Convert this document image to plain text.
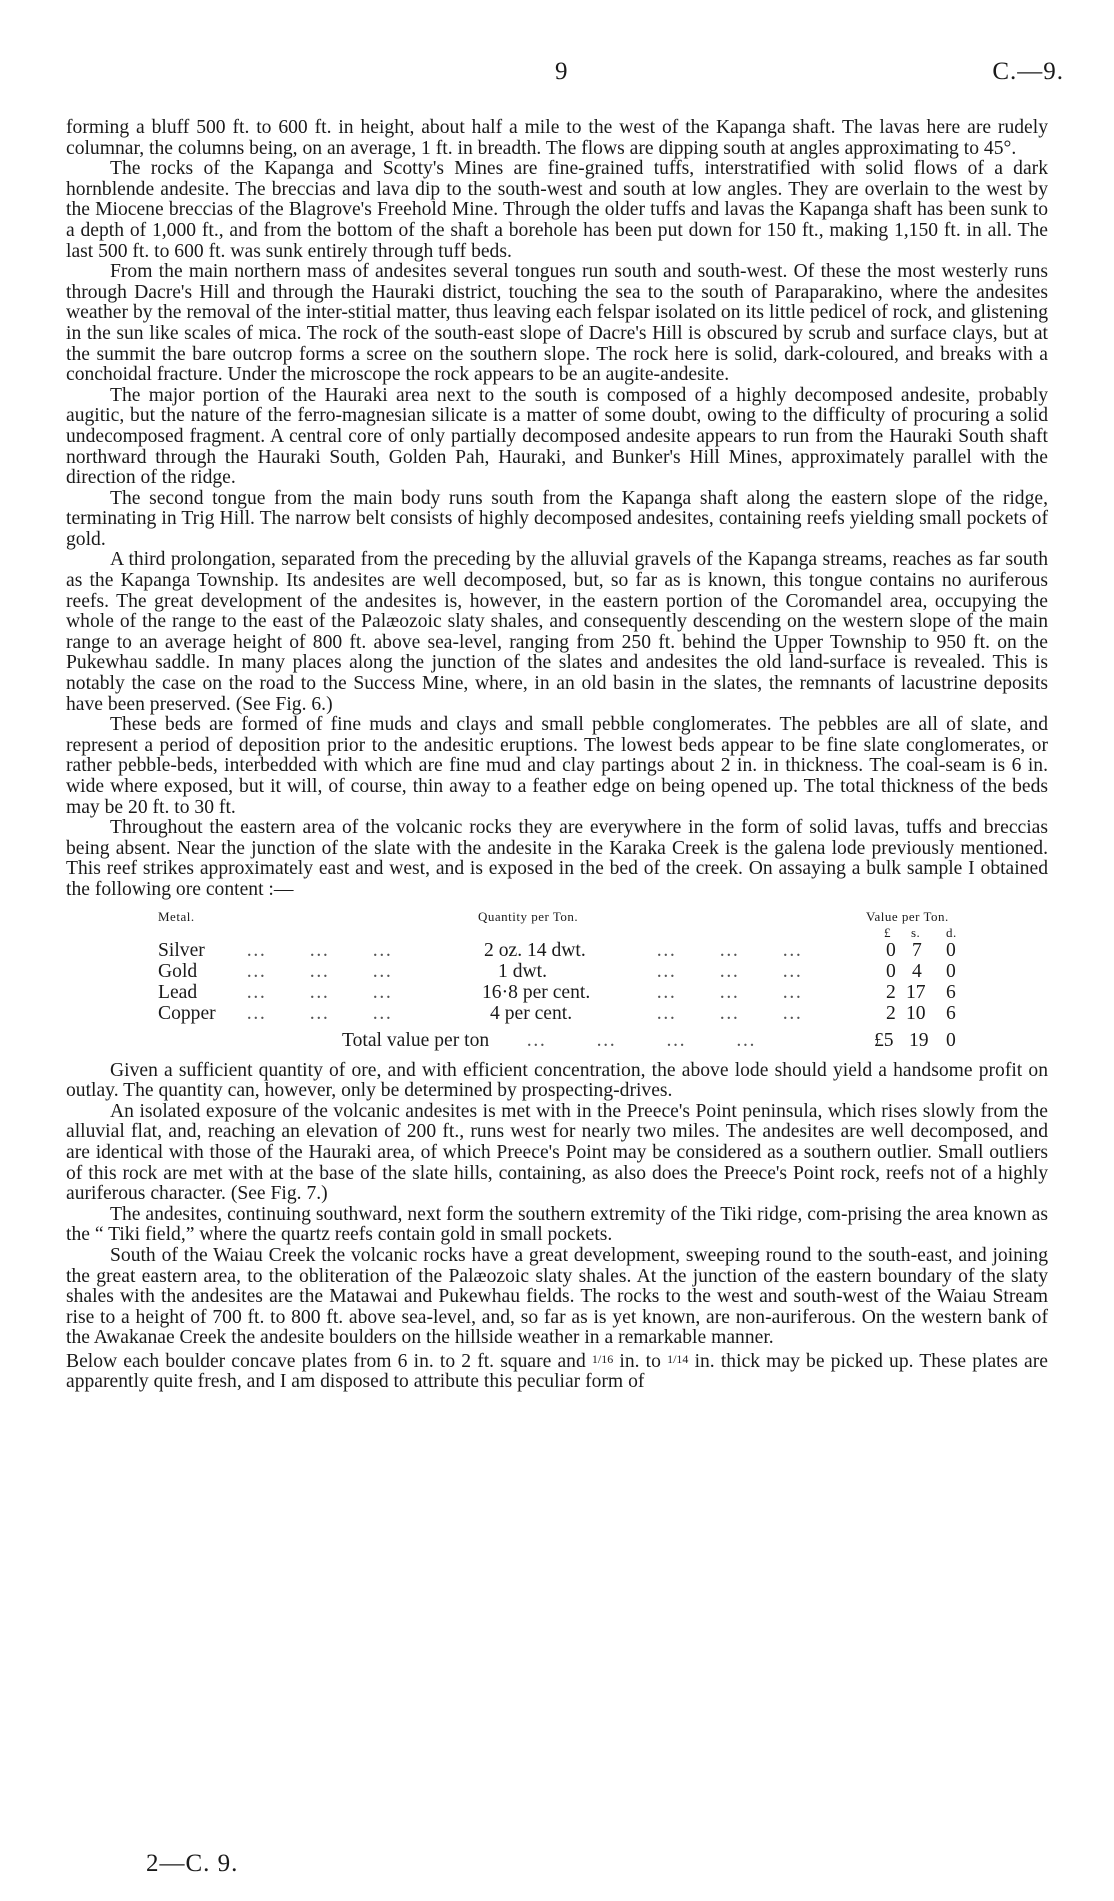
9	C.—9.

forming a bluff 500 ft. to 600 ft. in height, about half a mile to the west of the Kapanga shaft. The lavas here are rudely columnar, the columns being, on an average, 1 ft. in breadth. The flows are dipping south at angles approximating to 45°.

The rocks of the Kapanga and Scotty's Mines are fine-grained tuffs, interstratified with solid flows of a dark hornblende andesite. The breccias and lava dip to the south-west and south at low angles. They are overlain to the west by the Miocene breccias of the Blagrove's Freehold Mine. Through the older tuffs and lavas the Kapanga shaft has been sunk to a depth of 1,000 ft., and from the bottom of the shaft a borehole has been put down for 150 ft., making 1,150 ft. in all. The last 500 ft. to 600 ft. was sunk entirely through tuff beds.

From the main northern mass of andesites several tongues run south and south-west. Of these the most westerly runs through Dacre's Hill and through the Hauraki district, touching the sea to the south of Paraparakino, where the andesites weather by the removal of the inter-stitial matter, thus leaving each felspar isolated on its little pedicel of rock, and glistening in the sun like scales of mica. The rock of the south-east slope of Dacre's Hill is obscured by scrub and surface clays, but at the summit the bare outcrop forms a scree on the southern slope. The rock here is solid, dark-coloured, and breaks with a conchoidal fracture. Under the microscope the rock appears to be an augite-andesite.

The major portion of the Hauraki area next to the south is composed of a highly decomposed andesite, probably augitic, but the nature of the ferro-magnesian silicate is a matter of some doubt, owing to the difficulty of procuring a solid undecomposed fragment. A central core of only partially decomposed andesite appears to run from the Hauraki South shaft northward through the Hauraki South, Golden Pah, Hauraki, and Bunker's Hill Mines, approximately parallel with the direction of the ridge.

The second tongue from the main body runs south from the Kapanga shaft along the eastern slope of the ridge, terminating in Trig Hill. The narrow belt consists of highly decomposed andesites, containing reefs yielding small pockets of gold.

A third prolongation, separated from the preceding by the alluvial gravels of the Kapanga streams, reaches as far south as the Kapanga Township. Its andesites are well decomposed, but, so far as is known, this tongue contains no auriferous reefs. The great development of the andesites is, however, in the eastern portion of the Coromandel area, occupying the whole of the range to the east of the Palæozoic slaty shales, and consequently descending on the western slope of the main range to an average height of 800 ft. above sea-level, ranging from 250 ft. behind the Upper Township to 950 ft. on the Pukewhau saddle. In many places along the junction of the slates and andesites the old land-surface is revealed. This is notably the case on the road to the Success Mine, where, in an old basin in the slates, the remnants of lacustrine deposits have been preserved. (See Fig. 6.)

These beds are formed of fine muds and clays and small pebble conglomerates. The pebbles are all of slate, and represent a period of deposition prior to the andesitic eruptions. The lowest beds appear to be fine slate conglomerates, or rather pebble-beds, interbedded with which are fine mud and clay partings about 2 in. in thickness. The coal-seam is 6 in. wide where exposed, but it will, of course, thin away to a feather edge on being opened up. The total thickness of the beds may be 20 ft. to 30 ft.

Throughout the eastern area of the volcanic rocks they are everywhere in the form of solid lavas, tuffs and breccias being absent. Near the junction of the slate with the andesite in the Karaka Creek is the galena lode previously mentioned. This reef strikes approximately east and west, and is exposed in the bed of the creek. On assaying a bulk sample I obtained the following ore content :—

Metal.	Quantity per Ton.	Value per Ton.
£ s. d.
Silver …      …      …	2 oz. 14 dwt.	…      …      …	0 7 0
Gold …      …      …	1 dwt.	…      …      …	0 4 0
Lead …      …      …	16·8 per cent.	…      …      …	2 17 6
Copper …      …      …	4 per cent.	…      …      …	2 10 6
Total value per ton …       …       …       …	£5 19 0

Given a sufficient quantity of ore, and with efficient concentration, the above lode should yield a handsome profit on outlay. The quantity can, however, only be determined by prospecting-drives.

An isolated exposure of the volcanic andesites is met with in the Preece's Point peninsula, which rises slowly from the alluvial flat, and, reaching an elevation of 200 ft., runs west for nearly two miles. The andesites are well decomposed, and are identical with those of the Hauraki area, of which Preece's Point may be considered as a southern outlier. Small outliers of this rock are met with at the base of the slate hills, containing, as also does the Preece's Point rock, reefs not of a highly auriferous character. (See Fig. 7.)

The andesites, continuing southward, next form the southern extremity of the Tiki ridge, com-prising the area known as the “ Tiki field,” where the quartz reefs contain gold in small pockets.

South of the Waiau Creek the volcanic rocks have a great development, sweeping round to the south-east, and joining the great eastern area, to the obliteration of the Palæozoic slaty shales. At the junction of the eastern boundary of the slaty shales with the andesites are the Matawai and Pukewhau fields. The rocks to the west and south-west of the Waiau Stream rise to a height of 700 ft. to 800 ft. above sea-level, and, so far as is yet known, are non-auriferous. On the western bank of the Awakanae Creek the andesite boulders on the hillside weather in a remarkable manner.

Below each boulder concave plates from 6 in. to 2 ft. square and $^{1/16}$ in. to $^{1/14}$ in. thick may be picked up. These plates are apparently quite fresh, and I am disposed to attribute this peculiar form of

2—C. 9.
